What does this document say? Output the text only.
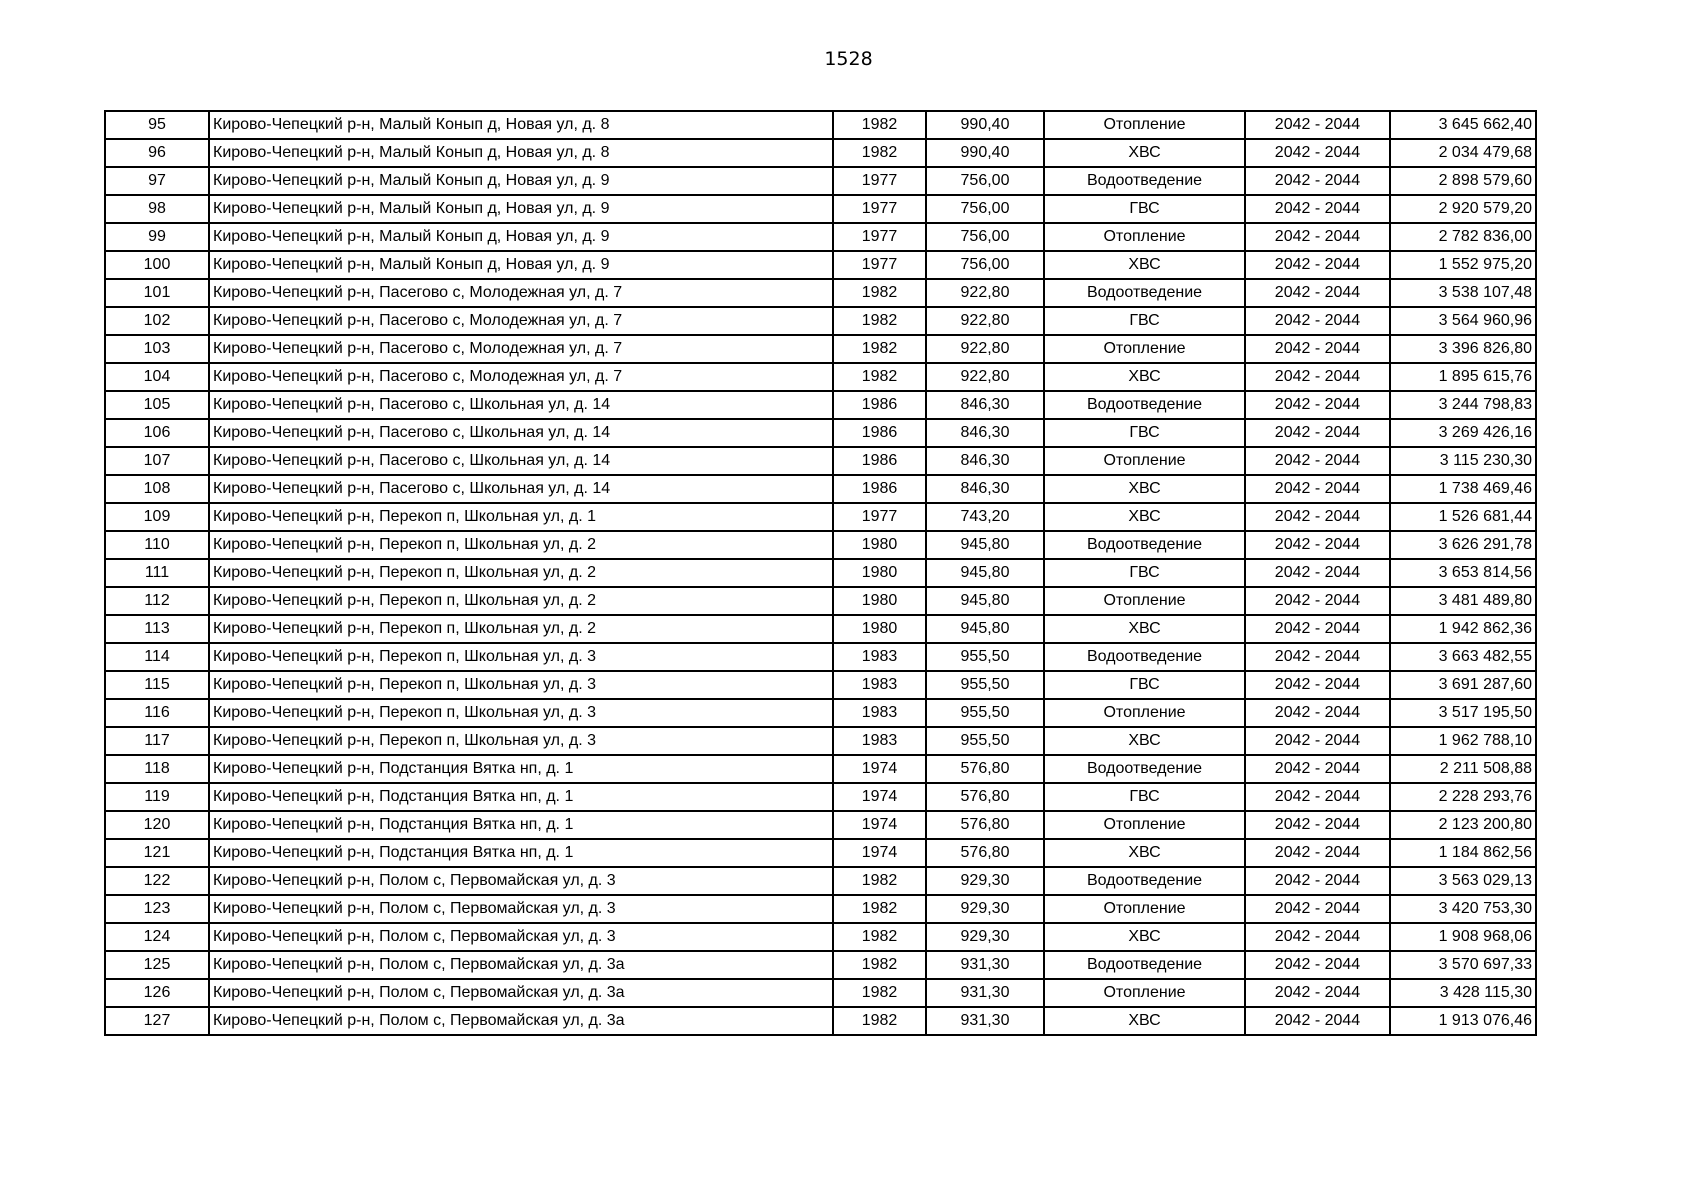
1528
95	Кирово-Чепецкий р-н, Малый Конып д, Новая ул, д. 8	1982	990,40	Отопление	2042 - 2044	3 645 662,40
96	Кирово-Чепецкий р-н, Малый Конып д, Новая ул, д. 8	1982	990,40	ХВС	2042 - 2044	2 034 479,68
97	Кирово-Чепецкий р-н, Малый Конып д, Новая ул, д. 9	1977	756,00	Водоотведение	2042 - 2044	2 898 579,60
98	Кирово-Чепецкий р-н, Малый Конып д, Новая ул, д. 9	1977	756,00	ГВС	2042 - 2044	2 920 579,20
99	Кирово-Чепецкий р-н, Малый Конып д, Новая ул, д. 9	1977	756,00	Отопление	2042 - 2044	2 782 836,00
100	Кирово-Чепецкий р-н, Малый Конып д, Новая ул, д. 9	1977	756,00	ХВС	2042 - 2044	1 552 975,20
101	Кирово-Чепецкий р-н, Пасегово с, Молодежная ул, д. 7	1982	922,80	Водоотведение	2042 - 2044	3 538 107,48
102	Кирово-Чепецкий р-н, Пасегово с, Молодежная ул, д. 7	1982	922,80	ГВС	2042 - 2044	3 564 960,96
103	Кирово-Чепецкий р-н, Пасегово с, Молодежная ул, д. 7	1982	922,80	Отопление	2042 - 2044	3 396 826,80
104	Кирово-Чепецкий р-н, Пасегово с, Молодежная ул, д. 7	1982	922,80	ХВС	2042 - 2044	1 895 615,76
105	Кирово-Чепецкий р-н, Пасегово с, Школьная ул, д. 14	1986	846,30	Водоотведение	2042 - 2044	3 244 798,83
106	Кирово-Чепецкий р-н, Пасегово с, Школьная ул, д. 14	1986	846,30	ГВС	2042 - 2044	3 269 426,16
107	Кирово-Чепецкий р-н, Пасегово с, Школьная ул, д. 14	1986	846,30	Отопление	2042 - 2044	3 115 230,30
108	Кирово-Чепецкий р-н, Пасегово с, Школьная ул, д. 14	1986	846,30	ХВС	2042 - 2044	1 738 469,46
109	Кирово-Чепецкий р-н, Перекоп п, Школьная ул, д. 1	1977	743,20	ХВС	2042 - 2044	1 526 681,44
110	Кирово-Чепецкий р-н, Перекоп п, Школьная ул, д. 2	1980	945,80	Водоотведение	2042 - 2044	3 626 291,78
111	Кирово-Чепецкий р-н, Перекоп п, Школьная ул, д. 2	1980	945,80	ГВС	2042 - 2044	3 653 814,56
112	Кирово-Чепецкий р-н, Перекоп п, Школьная ул, д. 2	1980	945,80	Отопление	2042 - 2044	3 481 489,80
113	Кирово-Чепецкий р-н, Перекоп п, Школьная ул, д. 2	1980	945,80	ХВС	2042 - 2044	1 942 862,36
114	Кирово-Чепецкий р-н, Перекоп п, Школьная ул, д. 3	1983	955,50	Водоотведение	2042 - 2044	3 663 482,55
115	Кирово-Чепецкий р-н, Перекоп п, Школьная ул, д. 3	1983	955,50	ГВС	2042 - 2044	3 691 287,60
116	Кирово-Чепецкий р-н, Перекоп п, Школьная ул, д. 3	1983	955,50	Отопление	2042 - 2044	3 517 195,50
117	Кирово-Чепецкий р-н, Перекоп п, Школьная ул, д. 3	1983	955,50	ХВС	2042 - 2044	1 962 788,10
118	Кирово-Чепецкий р-н, Подстанция Вятка нп, д. 1	1974	576,80	Водоотведение	2042 - 2044	2 211 508,88
119	Кирово-Чепецкий р-н, Подстанция Вятка нп, д. 1	1974	576,80	ГВС	2042 - 2044	2 228 293,76
120	Кирово-Чепецкий р-н, Подстанция Вятка нп, д. 1	1974	576,80	Отопление	2042 - 2044	2 123 200,80
121	Кирово-Чепецкий р-н, Подстанция Вятка нп, д. 1	1974	576,80	ХВС	2042 - 2044	1 184 862,56
122	Кирово-Чепецкий р-н, Полом с, Первомайская ул, д. 3	1982	929,30	Водоотведение	2042 - 2044	3 563 029,13
123	Кирово-Чепецкий р-н, Полом с, Первомайская ул, д. 3	1982	929,30	Отопление	2042 - 2044	3 420 753,30
124	Кирово-Чепецкий р-н, Полом с, Первомайская ул, д. 3	1982	929,30	ХВС	2042 - 2044	1 908 968,06
125	Кирово-Чепецкий р-н, Полом с, Первомайская ул, д. 3а	1982	931,30	Водоотведение	2042 - 2044	3 570 697,33
126	Кирово-Чепецкий р-н, Полом с, Первомайская ул, д. 3а	1982	931,30	Отопление	2042 - 2044	3 428 115,30
127	Кирово-Чепецкий р-н, Полом с, Первомайская ул, д. 3а	1982	931,30	ХВС	2042 - 2044	1 913 076,46
